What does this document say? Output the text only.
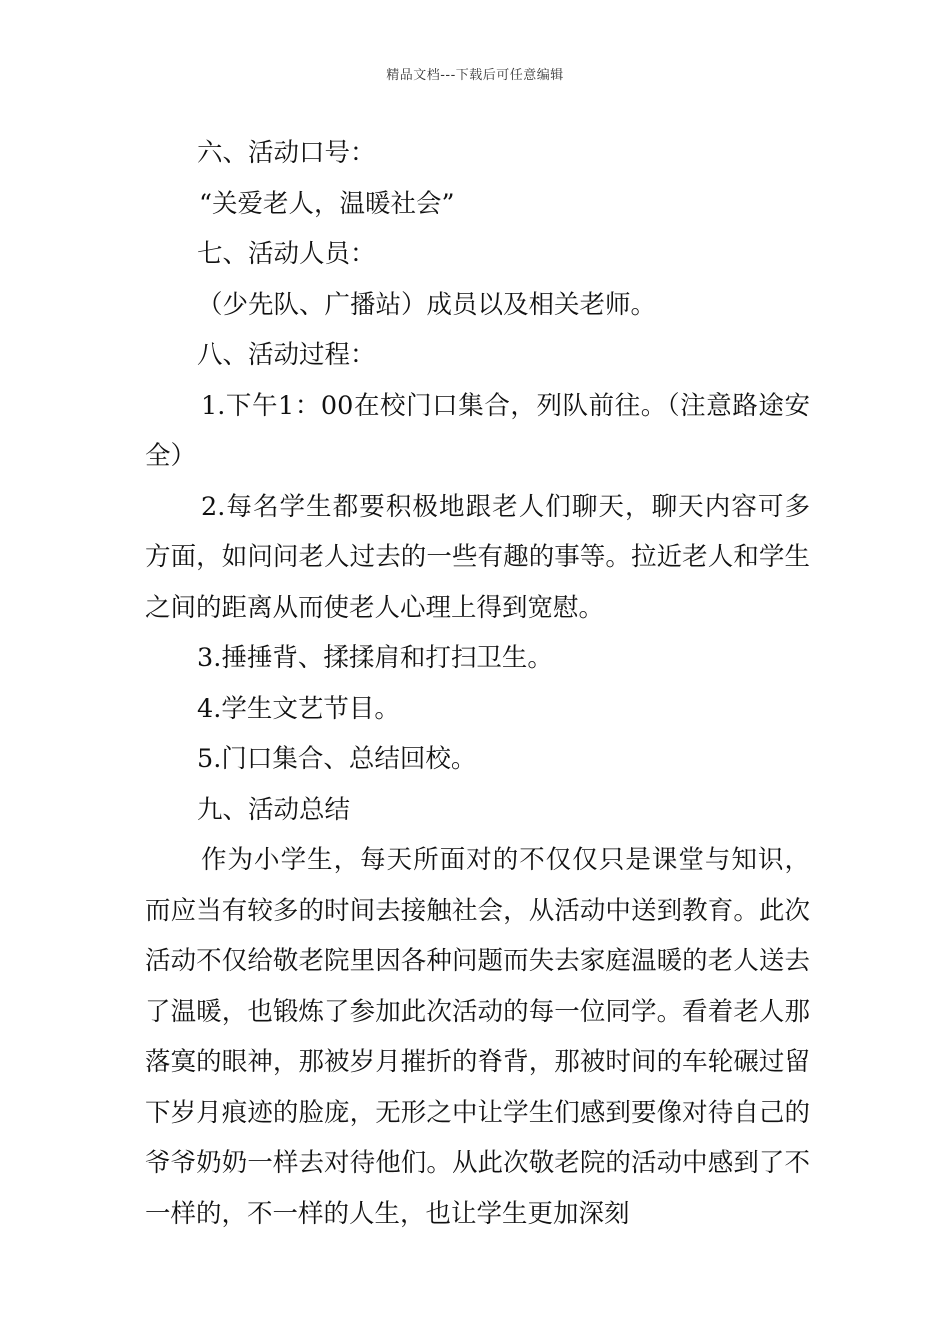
精品文档---下载后可任意编辑

六、活动口号：

“关爱老人，温暖社会”

七、活动人员：

（少先队、广播站）成员以及相关老师。

八、活动过程：

1.下午1：00在校门口集合，列队前往。（注意路途安全）

2.每名学生都要积极地跟老人们聊天，聊天内容可多方面，如问问老人过去的一些有趣的事等。拉近老人和学生之间的距离从而使老人心理上得到宽慰。

3.捶捶背、揉揉肩和打扫卫生。

4.学生文艺节目。

5.门口集合、总结回校。

九、活动总结

作为小学生，每天所面对的不仅仅只是课堂与知识，而应当有较多的时间去接触社会，从活动中送到教育。此次活动不仅给敬老院里因各种问题而失去家庭温暖的老人送去了温暖，也锻炼了参加此次活动的每一位同学。看着老人那落寞的眼神，那被岁月摧折的脊背，那被时间的车轮碾过留下岁月痕迹的脸庞，无形之中让学生们感到要像对待自己的爷爷奶奶一样去对待他们。从此次敬老院的活动中感到了不一样的，不一样的人生，也让学生更加深刻
